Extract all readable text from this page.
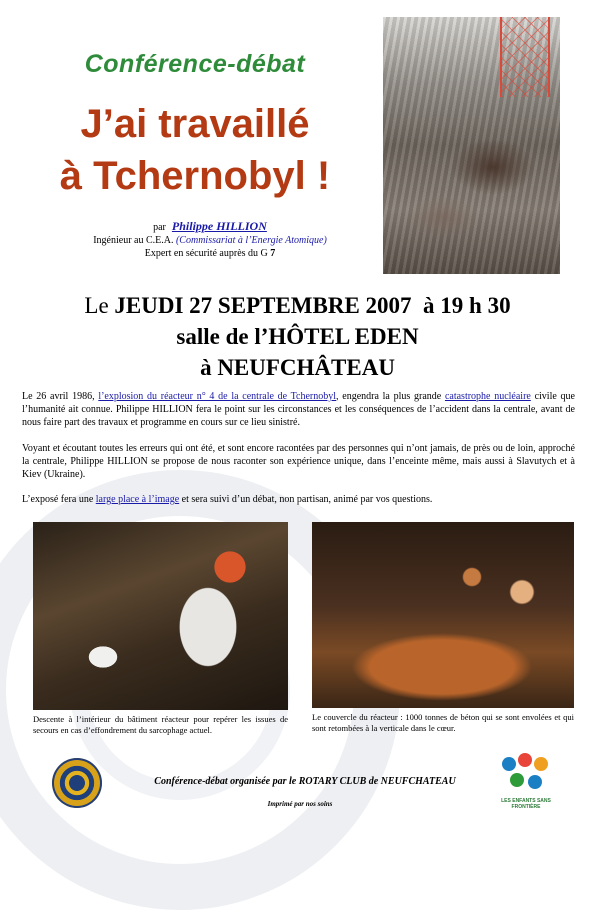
Conférence-débat
J’ai travaillé
à Tchernobyl !
par Philippe HILLION
Ingénieur au C.E.A. (Commissariat à l’Energie Atomique)
Expert en sécurité auprès du G 7
Le JEUDI 27 SEPTEMBRE 2007 à 19 h 30
salle de l’HÔTEL EDEN
à NEUFCHÂTEAU
Le 26 avril 1986, l’explosion du réacteur n° 4 de la centrale de Tchernobyl, engendra la plus grande catastrophe nucléaire civile que l’humanité ait connue. Philippe HILLION fera le point sur les circonstances et les conséquences de l’accident dans la centrale, avant de nous faire part des travaux et programme en cours sur ce lieu sinistré.
Voyant et écoutant toutes les erreurs qui ont été, et sont encore racontées par des personnes qui n’ont jamais, de près ou de loin, approché la centrale, Philippe HILLION se propose de nous raconter son expérience unique, dans l’enceinte même, mais aussi à Slavutych et à Kiev (Ukraine).
L’exposé fera une large place à l’image et sera suivi d’un débat, non partisan, animé par vos questions.
Descente à l’intérieur du bâtiment réacteur pour repérer les issues de secours en cas d’effondrement du sarcophage actuel.
Le couvercle du réacteur : 1000 tonnes de béton qui se sont envolées et qui sont retombées à la verticale dans le cœur.
Conférence-débat organisée par le ROTARY CLUB de NEUFCHATEAU
Imprimé par nos soins	LES ENFANTS SANS FRONTIÈRE
